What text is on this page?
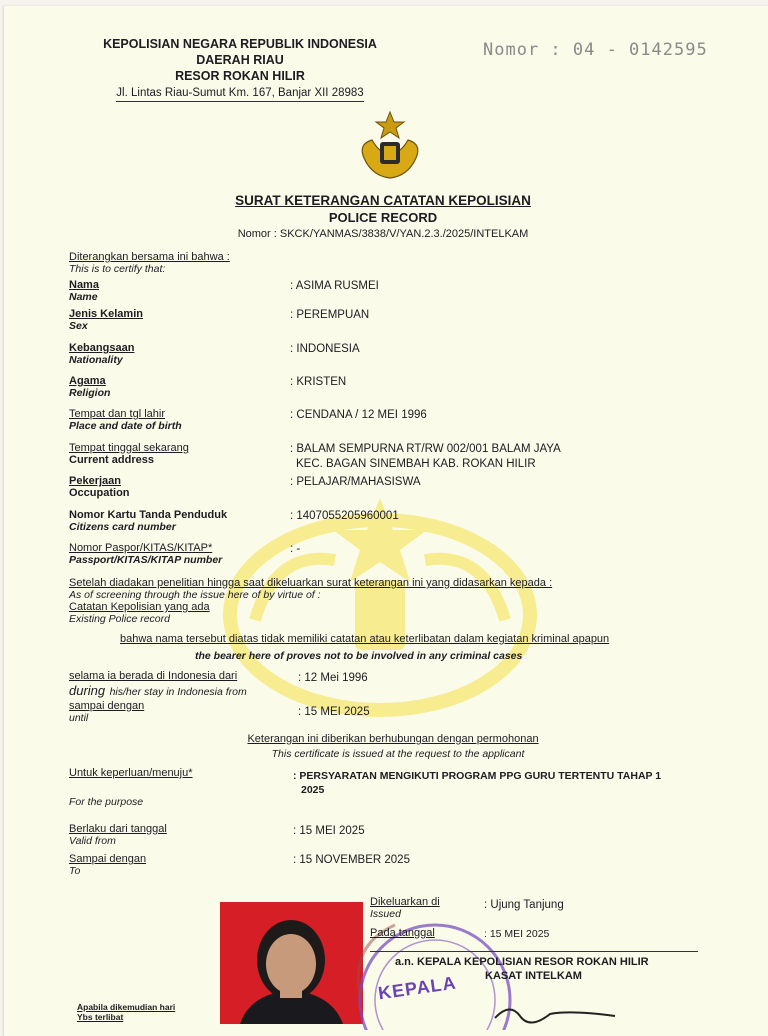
KEPOLISIAN NEGARA REPUBLIK INDONESIA
DAERAH RIAU
RESOR ROKAN HILIR
Jl. Lintas Riau-Sumut Km. 167, Banjar XII 28983
Nomor : 04 - 0142595
SURAT KETERANGAN CATATAN KEPOLISIAN
POLICE RECORD
Nomor : SKCK/YANMAS/3838/V/YAN.2.3./2025/INTELKAM
Diterangkan bersama ini bahwa :
This is to certify that:
Nama
Name
: ASIMA RUSMEI
Jenis Kelamin
Sex
: PEREMPUAN
Kebangsaan
Nationality
: INDONESIA
Agama
Religion
: KRISTEN
Tempat dan tgl lahir
Place and date of birth
: CENDANA / 12 MEI 1996
Tempat tinggal sekarang
Current address
: BALAM SEMPURNA RT/RW 002/001 BALAM JAYA
KEC. BAGAN SINEMBAH KAB. ROKAN HILIR
Pekerjaan
Occupation
: PELAJAR/MAHASISWA
Nomor Kartu Tanda Penduduk
Citizens card number
: 1407055205960001
Nomor Paspor/KITAS/KITAP*
Passport/KITAS/KITAP number
: -
Setelah diadakan penelitian hingga saat dikeluarkan surat keterangan ini yang didasarkan kepada :
As of screening through the issue here of by virtue of :
Catatan Kepolisian yang ada
Existing Police record
bahwa nama tersebut diatas tidak memiliki catatan atau keterlibatan dalam kegiatan kriminal apapun
the bearer here of proves not to be involved in any criminal cases
selama ia berada di Indonesia dari
during his/her stay in Indonesia from
sampai dengan
until
: 12 Mei 1996
: 15 MEI 2025
Keterangan ini diberikan berhubungan dengan permohonan
This certificate is issued at the request to the applicant
Untuk keperluan/menuju*
For the purpose
: PERSYARATAN MENGIKUTI PROGRAM PPG GURU TERTENTU TAHAP 1
2025
Berlaku dari tanggal
Valid from
: 15 MEI 2025
Sampai dengan
To
: 15 NOVEMBER 2025
KEPALA
Dikeluarkan di
Issued
: Ujung Tanjung
Pada tanggal	: 15 MEI 2025
a.n. KEPALA KEPOLISIAN RESOR ROKAN HILIR
KASAT INTELKAM
Apabila dikemudian hari
Ybs terlibat
